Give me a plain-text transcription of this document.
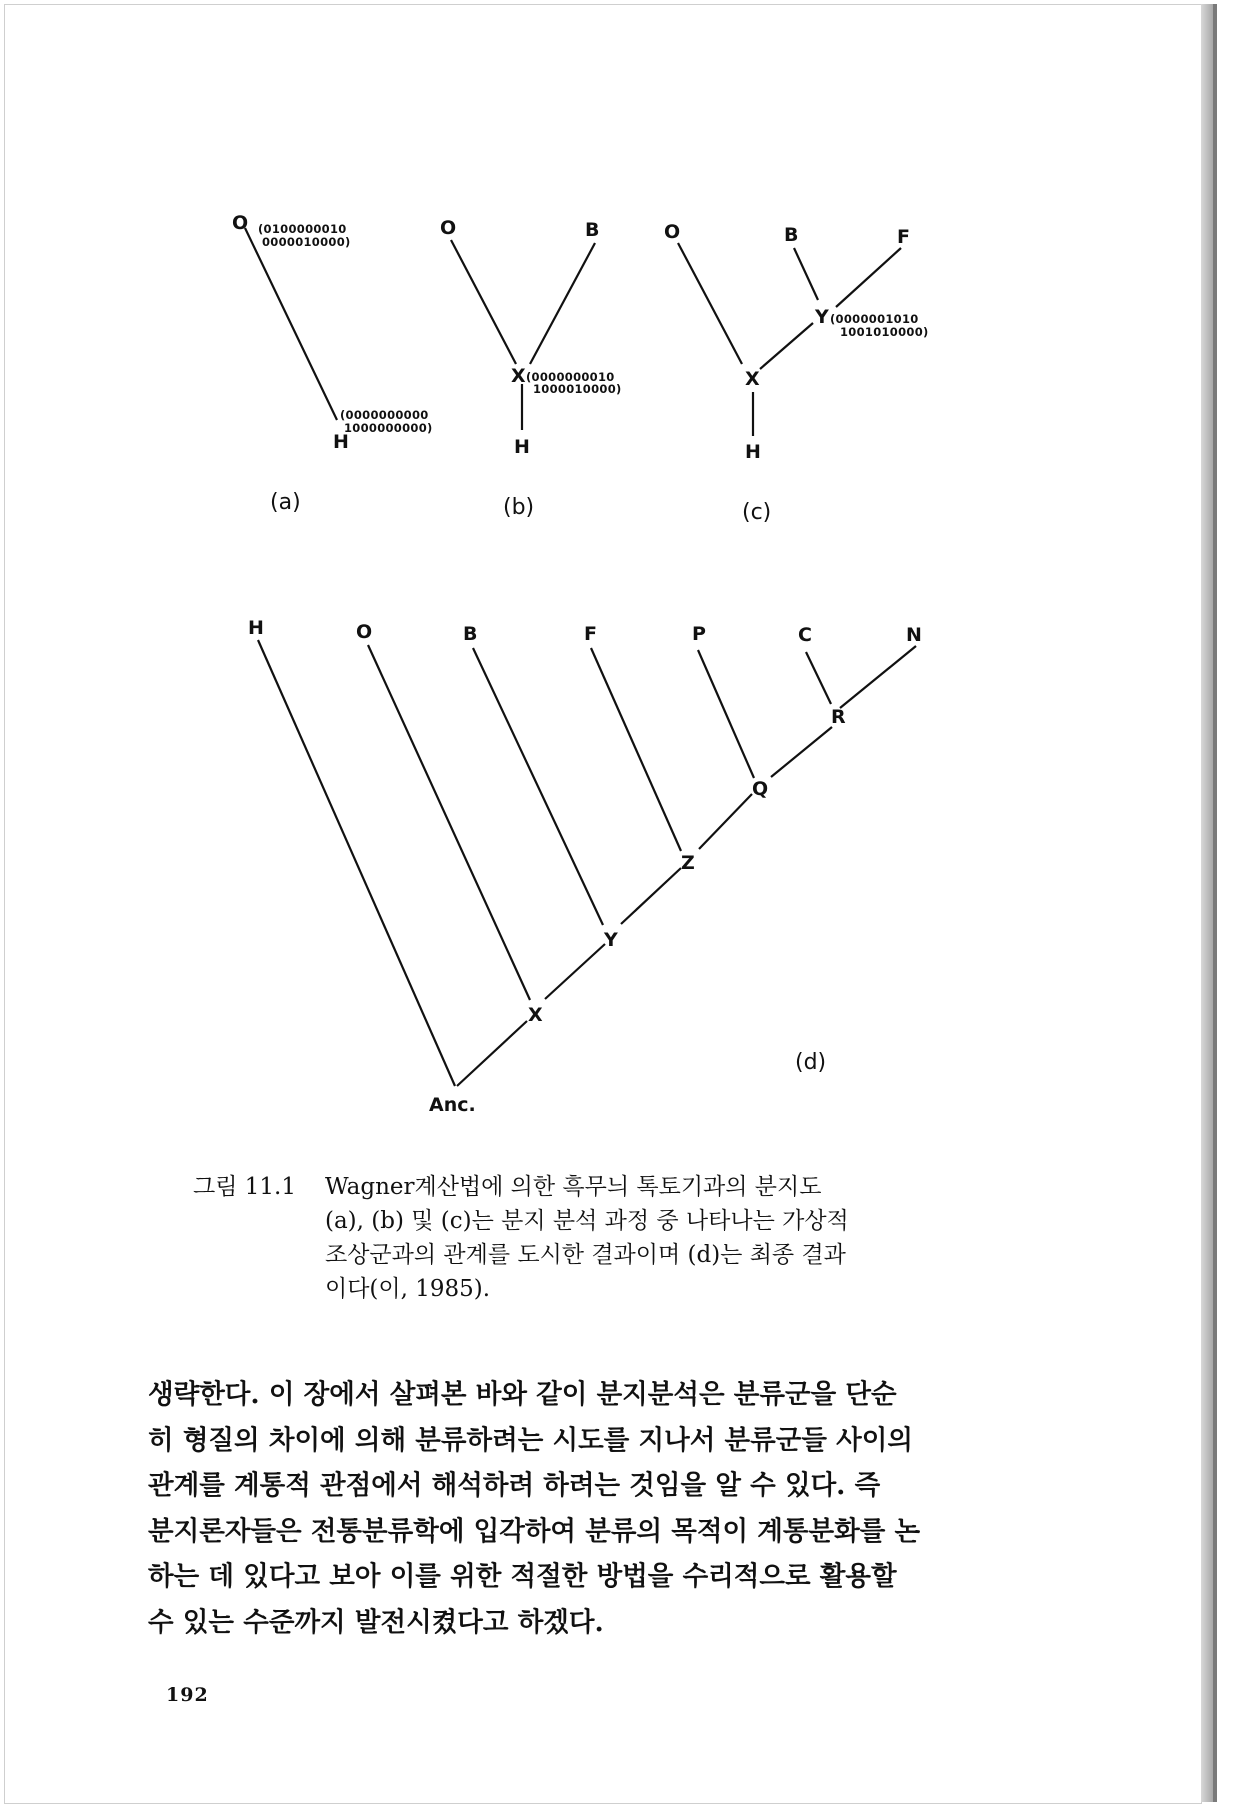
O (0100000010
0000010000)
H
(0000000000
1000000000)
(a)
O	B
X (0000000010
1000010000)
H
(b)
O	B	F
Y (0000001010
1001010000)
X
H
(c)
H	O	B	F	P	C	N
X
Y
Z
Q
R
Anc.
(d)
그림 11.1 Wagner계산법에 의한 흑무늬 톡토기과의 분지도
(a), (b) 및 (c)는 분지 분석 과정 중 나타나는 가상적
조상군과의 관계를 도시한 결과이며 (d)는 최종 결과
이다(이, 1985).
생략한다. 이 장에서 살펴본 바와 같이 분지분석은 분류군을 단순
히 형질의 차이에 의해 분류하려는 시도를 지나서 분류군들 사이의
관계를 계통적 관점에서 해석하려 하려는 것임을 알 수 있다. 즉
분지론자들은 전통분류학에 입각하여 분류의 목적이 계통분화를 논
하는 데 있다고 보아 이를 위한 적절한 방법을 수리적으로 활용할
수 있는 수준까지 발전시켰다고 하겠다.
192
